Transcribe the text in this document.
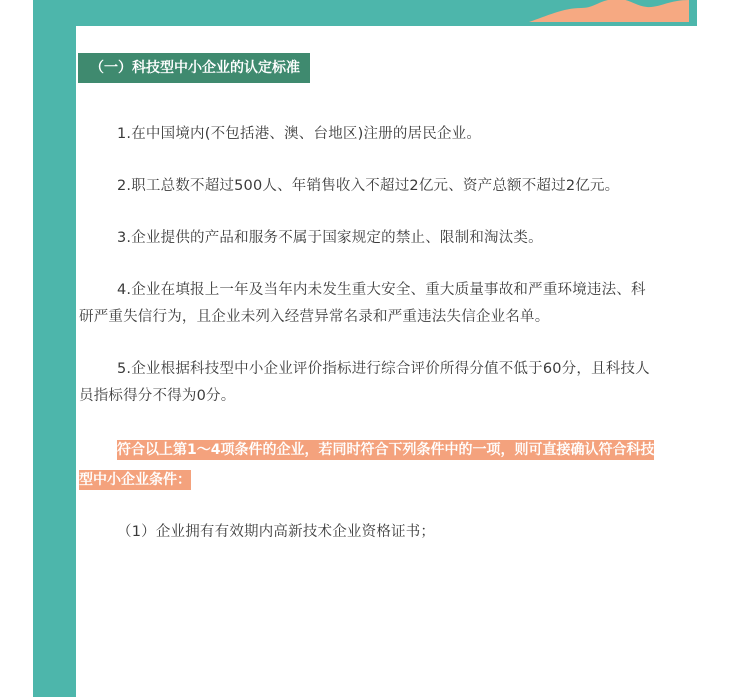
（一）科技型中小企业的认定标准

1.在中国境内(不包括港、澳、台地区)注册的居民企业。

2.职工总数不超过500人、年销售收入不超过2亿元、资产总额不超过2亿元。

3.企业提供的产品和服务不属于国家规定的禁止、限制和淘汰类。

4.企业在填报上一年及当年内未发生重大安全、重大质量事故和严重环境违法、科研严重失信行为，且企业未列入经营异常名录和严重违法失信企业名单。

5.企业根据科技型中小企业评价指标进行综合评价所得分值不低于60分，且科技人员指标得分不得为0分。

符合以上第1～4项条件的企业，若同时符合下列条件中的一项，则可直接确认符合科技型中小企业条件：

（1）企业拥有有效期内高新技术企业资格证书；
